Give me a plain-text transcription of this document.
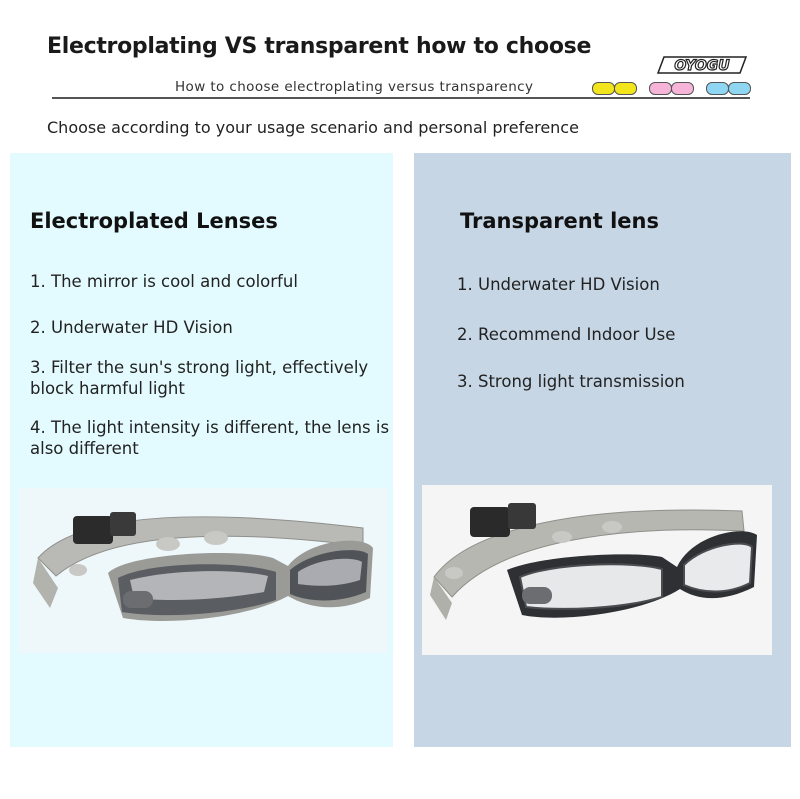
Electroplating VS transparent how to choose
OYOGU
How to choose electroplating versus transparency
Choose according to your usage scenario and personal preference
Electroplated Lenses
1. The mirror is cool and colorful
2. Underwater HD Vision
3. Filter the sun's strong light, effectively block harmful light
4. The light intensity is different, the lens is also different
Transparent lens
1. Underwater HD Vision
2. Recommend Indoor Use
3. Strong light transmission
